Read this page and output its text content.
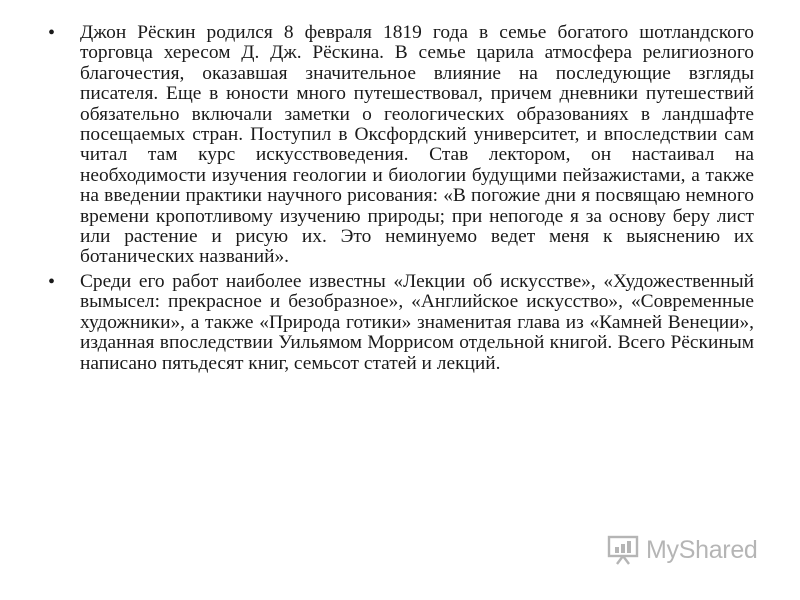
• Джон Рёскин родился 8 февраля 1819 года в семье богатого шотландского торговца хересом Д. Дж. Рёскина. В семье царила атмосфера религиозного благочестия, оказавшая значительное влияние на последующие взгляды писателя. Еще в юности много путешествовал, причем дневники путешествий обязательно включали заметки о геологических образованиях в ландшафте посещаемых стран. Поступил в Оксфордский университет, и впоследствии сам читал там курс искусствоведения. Став лектором, он настаивал на необходимости изучения геологии и биологии будущими пейзажистами, а также на введении практики научного рисования: «В погожие дни я посвящаю немного времени кропотливому изучению природы; при непогоде я за основу беру лист или растение и рисую их. Это неминуемо ведет меня к выяснению их ботанических названий».

• Среди его работ наиболее известны «Лекции об искусстве», «Художественный вымысел: прекрасное и безобразное», «Английское искусство», «Современные художники», а также «Природа готики» знаменитая глава из «Камней Венеции», изданная впоследствии Уильямом Моррисом отдельной книгой. Всего Рёскиным написано пятьдесят книг, семьсот статей и лекций.

MyShared
